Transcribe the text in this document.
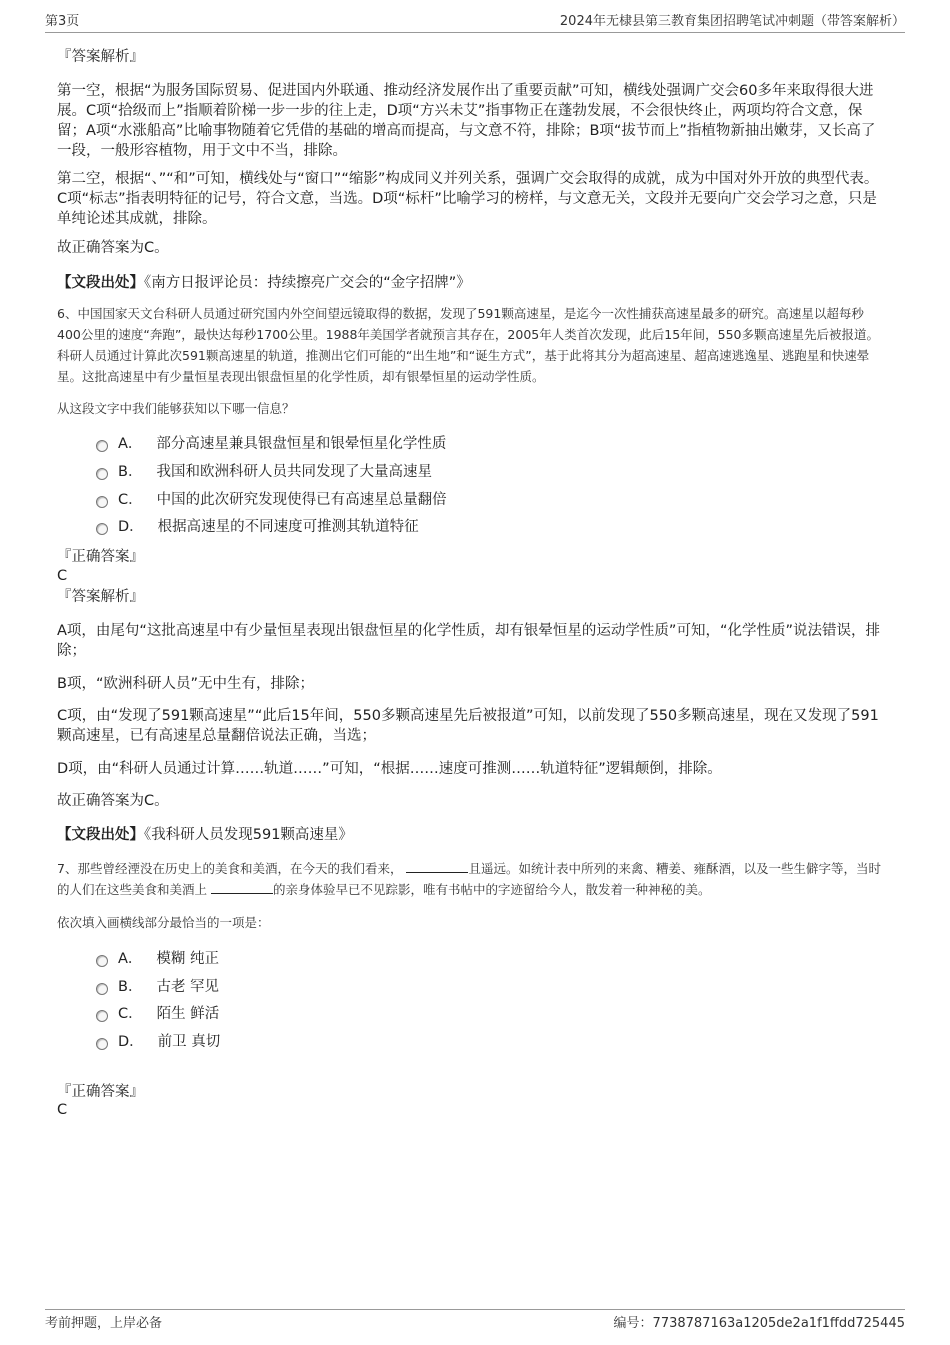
第3页	2024年无棣县第三教育集团招聘笔试冲刺题（带答案解析）

『答案解析』

第一空，根据“为服务国际贸易、促进国内外联通、推动经济发展作出了重要贡献”可知，横线处强调广交会60多年来取得很大进展。C项“拾级而上”指顺着阶梯一步一步的往上走，D项“方兴未艾”指事物正在蓬勃发展，不会很快终止，两项均符合文意，保留；A项“水涨船高”比喻事物随着它凭借的基础的增高而提高，与文意不符，排除；B项“拔节而上”指植物新抽出嫩芽，又长高了一段，一般形容植物，用于文中不当，排除。

第二空，根据“、”“和”可知，横线处与“窗口”“缩影”构成同义并列关系，强调广交会取得的成就，成为中国对外开放的典型代表。C项“标志”指表明特征的记号，符合文意，当选。D项“标杆”比喻学习的榜样，与文意无关，文段并无要向广交会学习之意，只是单纯论述其成就，排除。

故正确答案为C。

【文段出处】《南方日报评论员：持续擦亮广交会的“金字招牌”》

6、中国国家天文台科研人员通过研究国内外空间望远镜取得的数据，发现了591颗高速星，是迄今一次性捕获高速星最多的研究。高速星以超每秒400公里的速度“奔跑”，最快达每秒1700公里。1988年美国学者就预言其存在，2005年人类首次发现，此后15年间，550多颗高速星先后被报道。科研人员通过计算此次591颗高速星的轨道，推测出它们可能的“出生地”和“诞生方式”，基于此将其分为超高速星、超高速逃逸星、逃跑星和快速晕星。这批高速星中有少量恒星表现出银盘恒星的化学性质，却有银晕恒星的运动学性质。

从这段文字中我们能够获知以下哪一信息？

A． 部分高速星兼具银盘恒星和银晕恒星化学性质
B． 我国和欧洲科研人员共同发现了大量高速星
C． 中国的此次研究发现使得已有高速星总量翻倍
D． 根据高速星的不同速度可推测其轨道特征

『正确答案』

C

『答案解析』

A项，由尾句“这批高速星中有少量恒星表现出银盘恒星的化学性质，却有银晕恒星的运动学性质”可知，“化学性质”说法错误，排除；

B项，“欧洲科研人员”无中生有，排除；

C项，由“发现了591颗高速星”“此后15年间，550多颗高速星先后被报道”可知，以前发现了550多颗高速星，现在又发现了591颗高速星，已有高速星总量翻倍说法正确，当选；

D项，由“科研人员通过计算……轨道……”可知，“根据……速度可推测……轨道特征”逻辑颠倒，排除。

故正确答案为C。

【文段出处】《我科研人员发现591颗高速星》

7、那些曾经湮没在历史上的美食和美酒，在今天的我们看来，	且遥远。如统计表中所列的来禽、糟姜、雍酥酒，以及一些生僻字等，当时的人们在这些美食和美酒上	的亲身体验早已不见踪影，唯有书帖中的字迹留给今人，散发着一种神秘的美。

依次填入画横线部分最恰当的一项是：

A． 模糊 纯正
B． 古老 罕见
C． 陌生 鲜活
D． 前卫 真切

『正确答案』

C

考前押题，上岸必备	编号：7738787163a1205de2a1f1ffdd725445
